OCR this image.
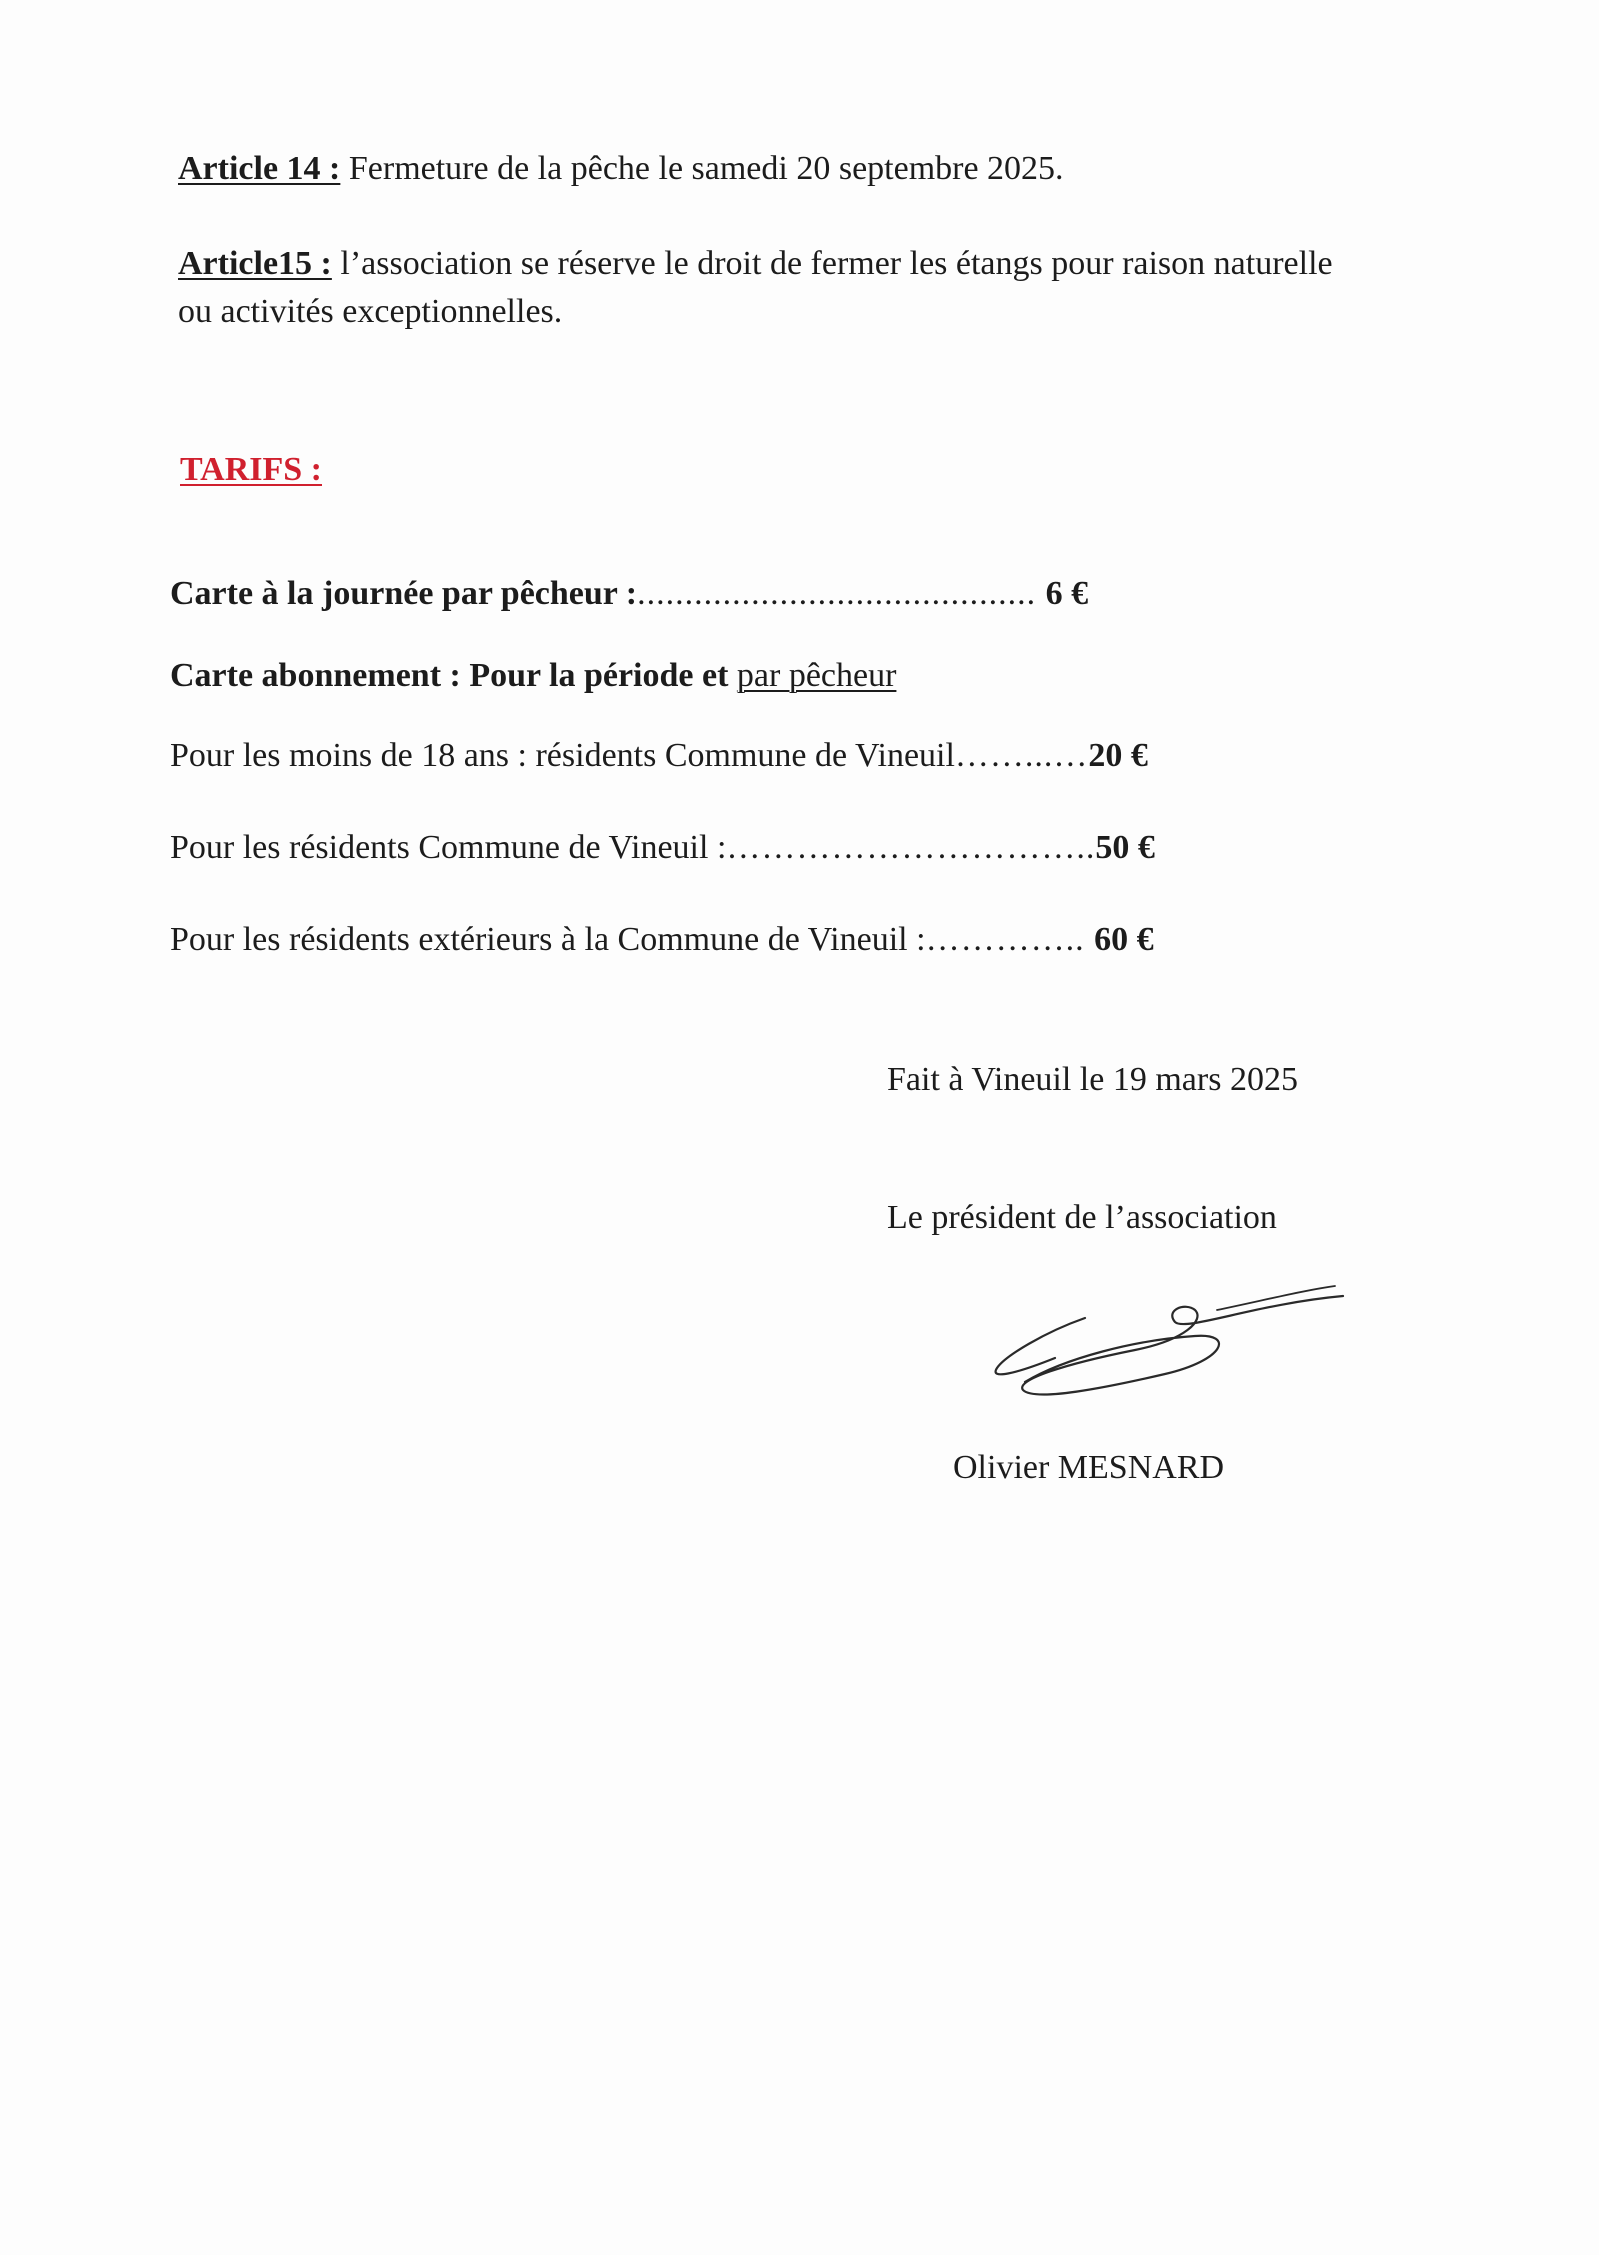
Article 14 : Fermeture de la pêche le samedi 20 septembre 2025.
Article15 : l’association se réserve le droit de fermer les étangs pour raison naturelle
ou activités exceptionnelles.
TARIFS :
Carte à la journée par pêcheur :.......................................... 6 €
Carte abonnement : Pour la période et par pêcheur
Pour les moins de 18 ans : résidents Commune de Vineuil……...…20 €
Pour les résidents Commune de Vineuil :…………………………..50 €
Pour les résidents extérieurs à la Commune de Vineuil :………….. 60 €
Fait à Vineuil le 19 mars 2025
Le président de l’association
Olivier MESNARD
